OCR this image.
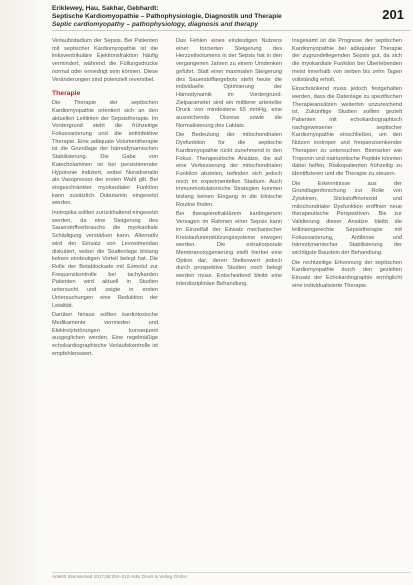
Eriklewey, Hau, Sakhar, Gebhardt:
Septische Kardiomyopathie – Pathophysiologie, Diagnostik und Therapie
Septic cardiomyopathy – pathophysiology, diagnosis and therapy
201

Verlaufsstadium der Sepsis. Bei Patienten mit septischer Kardiomyopathie ist die linksventrikuläre Ejektionsfraktion häufig vermindert, während die Füllungsdrücke normal oder erniedrigt sein können. Diese Veränderungen sind potenziell reversibel.

Therapie

Die Therapie der septischen Kardiomyopathie orientiert sich an den aktuellen Leitlinien der Sepsistherapie. Im Vordergrund steht die frühzeitige Fokussanierung und die antiinfektive Therapie. Eine adäquate Volumentherapie ist die Grundlage der hämodynamischen Stabilisierung. Die Gabe von Katecholaminen ist bei persistierender Hypotonie indiziert, wobei Noradrenalin als Vasopressor der ersten Wahl gilt. Bei eingeschränkter myokardialer Funktion kann zusätzlich Dobutamin eingesetzt werden.

Inotropika sollten zurückhaltend eingesetzt werden, da eine Steigerung des Sauerstoffverbrauchs die myokardiale Schädigung verstärken kann. Alternativ wird der Einsatz von Levosimendan diskutiert, wobei die Studienlage bislang keinen eindeutigen Vorteil belegt hat. Die Rolle der Betablockade mit Esmolol zur Frequenzkontrolle bei tachykarden Patienten wird aktuell in Studien untersucht und zeigte in ersten Untersuchungen eine Reduktion der Letalität.

Darüber hinaus sollten kardiotoxische Medikamente vermieden und Elektrolytstörungen konsequent ausgeglichen werden. Eine regelmäßige echokardiographische Verlaufskontrolle ist empfehlenswert.

Das Fehlen eines eindeutigen Nutzens einer forcierten Steigerung des Herzzeitvolumens in der Sepsis hat in den vergangenen Jahren zu einem Umdenken geführt. Statt einer maximalen Steigerung des Sauerstoffangebots steht heute die individuelle Optimierung der Hämodynamik im Vordergrund. Zielparameter sind ein mittlerer arterieller Druck von mindestens 65 mmHg, eine ausreichende Diurese sowie die Normalisierung des Laktats.

Die Bedeutung der mitochondrialen Dysfunktion für die septische Kardiomyopathie rückt zunehmend in den Fokus. Therapeutische Ansätze, die auf eine Verbesserung der mitochondrialen Funktion abzielen, befinden sich jedoch noch im experimentellen Stadium. Auch immunmodulatorische Strategien konnten bislang keinen Eingang in die klinische Routine finden.

Bei therapierefraktärem kardiogenem Versagen im Rahmen einer Sepsis kann im Einzelfall der Einsatz mechanischer Kreislaufunterstützungssysteme erwogen werden. Die extrakorporale Membranoxygenierung stellt hierbei eine Option dar, deren Stellenwert jedoch durch prospektive Studien noch belegt werden muss. Entscheidend bleibt eine interdisziplinäre Behandlung.

Insgesamt ist die Prognose der septischen Kardiomyopathie bei adäquater Therapie der zugrundeliegenden Sepsis gut, da sich die myokardiale Funktion bei Überlebenden meist innerhalb von sieben bis zehn Tagen vollständig erholt.

Einschränkend muss jedoch festgehalten werden, dass die Datenlage zu spezifischen Therapieansätzen weiterhin unzureichend ist. Zukünftige Studien sollten gezielt Patienten mit echokardiographisch nachgewiesener septischer Kardiomyopathie einschließen, um den Nutzen inotroper und frequenzsenkender Therapien zu untersuchen. Biomarker wie Troponin und natriuretische Peptide könnten dabei helfen, Risikopatienten frühzeitig zu identifizieren und die Therapie zu steuern.

Die Erkenntnisse aus der Grundlagenforschung zur Rolle von Zytokinen, Stickstoffmonoxid und mitochondrialer Dysfunktion eröffnen neue therapeutische Perspektiven. Bis zur Validierung dieser Ansätze bleibt die leitliniengerechte Sepsistherapie mit Fokussanierung, Antibiose und hämodynamischer Stabilisierung der wichtigste Baustein der Behandlung.

Die rechtzeitige Erkennung der septischen Kardiomyopathie durch den gezielten Einsatz der Echokardiographie ermöglicht eine individualisierte Therapie.

Anästh Intensivmed 2017;58:200–210 Aktiv Druck & Verlag GmbH
